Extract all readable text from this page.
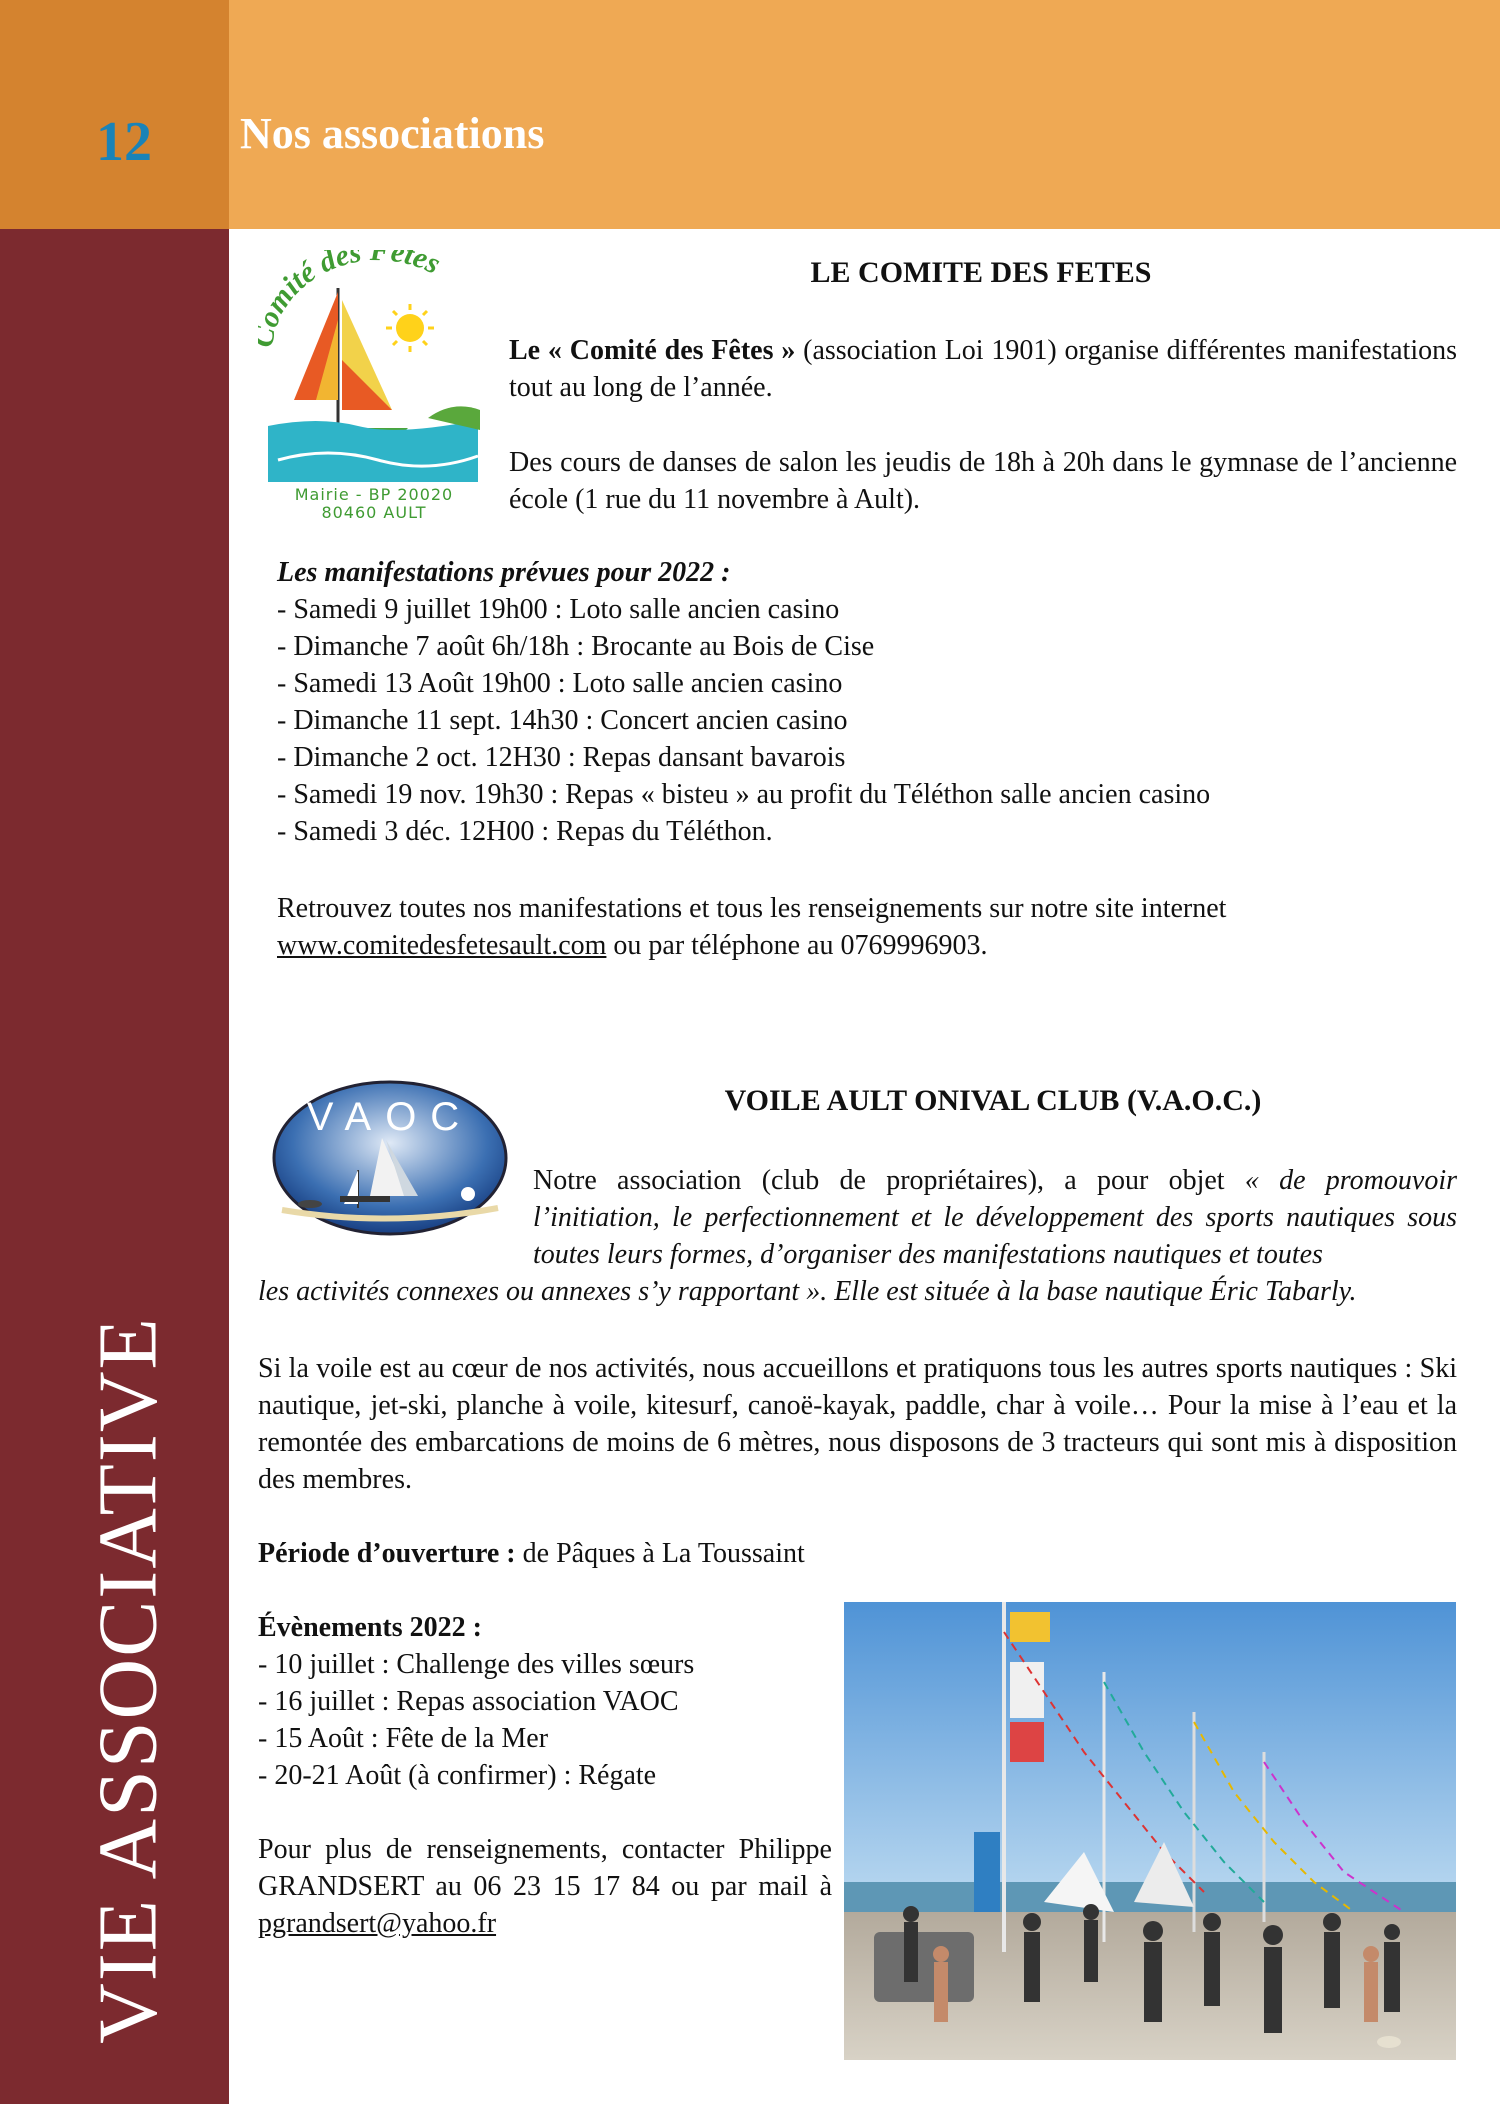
12 Nos associations
VIE ASSOCIATIVE
mité des Fêtes
Mairie - BP 20020
80460 AULT
LE COMITE DES FETES

Le « Comité des Fêtes » (association Loi 1901) organise différentes manifestations tout au long de l’année.

Des cours de danses de salon les jeudis de 18h à 20h dans le gymnase de l’ancienne école (1 rue du 11 novembre à Ault).

Les manifestations prévues pour 2022 :

- Samedi 9 juillet 19h00 : Loto salle ancien casino
- Dimanche 7 août 6h/18h : Brocante au Bois de Cise
- Samedi 13 Août 19h00 : Loto salle ancien casino
- Dimanche 11 sept. 14h30 : Concert ancien casino
- Dimanche 2 oct. 12H30 : Repas dansant bavarois
- Samedi 19 nov. 19h30 : Repas « bisteu » au profit du Téléthon salle ancien casino
- Samedi 3 déc. 12H00 : Repas du Téléthon.

Retrouvez toutes nos manifestations et tous les renseignements sur notre site internet

www.comitedesfetesault.com ou par téléphone au 0769996903.

VAOC	VOILE AULT ONIVAL CLUB (V.A.O.C.)

Notre association (club de propriétaires), a pour objet « de promouvoir l’initiation, le perfectionnement et le développement des sports nautiques sous toutes leurs formes, d’organiser des manifestations nautiques et toutes

les activités connexes ou annexes s’y rapportant ». Elle est située à la base nautique Éric Tabarly.

Si la voile est au cœur de nos activités, nous accueillons et pratiquons tous les autres sports nautiques : Ski nautique, jet-ski, planche à voile, kitesurf, canoë-kayak, paddle, char à voile… Pour la mise à l’eau et la remontée des embarcations de moins de 6 mètres, nous disposons de 3 tracteurs qui sont mis à disposition des membres.

Période d’ouverture : de Pâques à La Toussaint

Évènements 2022 :

- 10 juillet : Challenge des villes sœurs
- 16 juillet : Repas association VAOC
- 15 Août : Fête de la Mer
- 20-21 Août (à confirmer) : Régate

Pour plus de renseignements, contacter Philippe GRANDSERT au 06 23 15 17 84 ou par mail à pgrandsert@yahoo.fr
